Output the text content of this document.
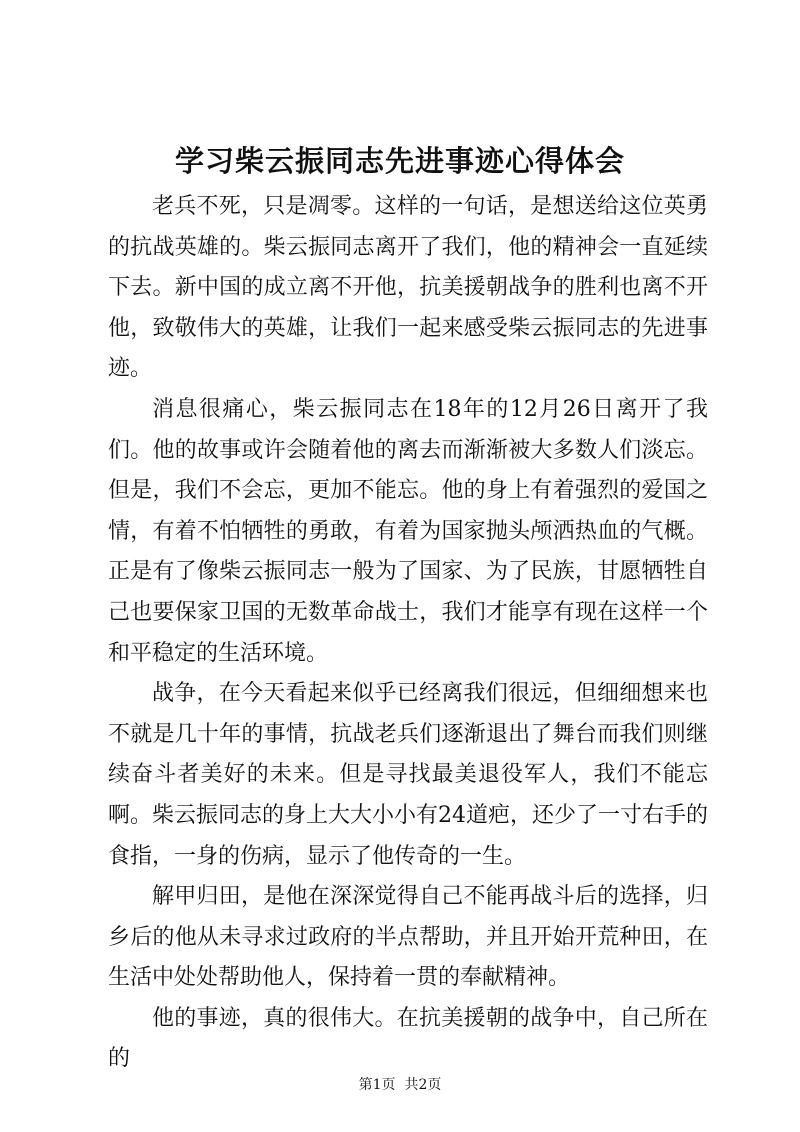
学习柴云振同志先进事迹心得体会

老兵不死，只是凋零。这样的一句话，是想送给这位英勇的抗战英雄的。柴云振同志离开了我们，他的精神会一直延续下去。新中国的成立离不开他，抗美援朝战争的胜利也离不开他，致敬伟大的英雄，让我们一起来感受柴云振同志的先进事迹。

消息很痛心，柴云振同志在18年的12月26日离开了我们。他的故事或许会随着他的离去而渐渐被大多数人们淡忘。但是，我们不会忘，更加不能忘。他的身上有着强烈的爱国之情，有着不怕牺牲的勇敢，有着为国家抛头颅洒热血的气概。正是有了像柴云振同志一般为了国家、为了民族，甘愿牺牲自己也要保家卫国的无数革命战士，我们才能享有现在这样一个和平稳定的生活环境。

战争，在今天看起来似乎已经离我们很远，但细细想来也不就是几十年的事情，抗战老兵们逐渐退出了舞台而我们则继续奋斗者美好的未来。但是寻找最美退役军人，我们不能忘啊。柴云振同志的身上大大小小有24道疤，还少了一寸右手的食指，一身的伤病，显示了他传奇的一生。

解甲归田，是他在深深觉得自己不能再战斗后的选择，归乡后的他从未寻求过政府的半点帮助，并且开始开荒种田，在生活中处处帮助他人，保持着一贯的奉献精神。

他的事迹，真的很伟大。在抗美援朝的战争中，自己所在的

第1页  共2页
